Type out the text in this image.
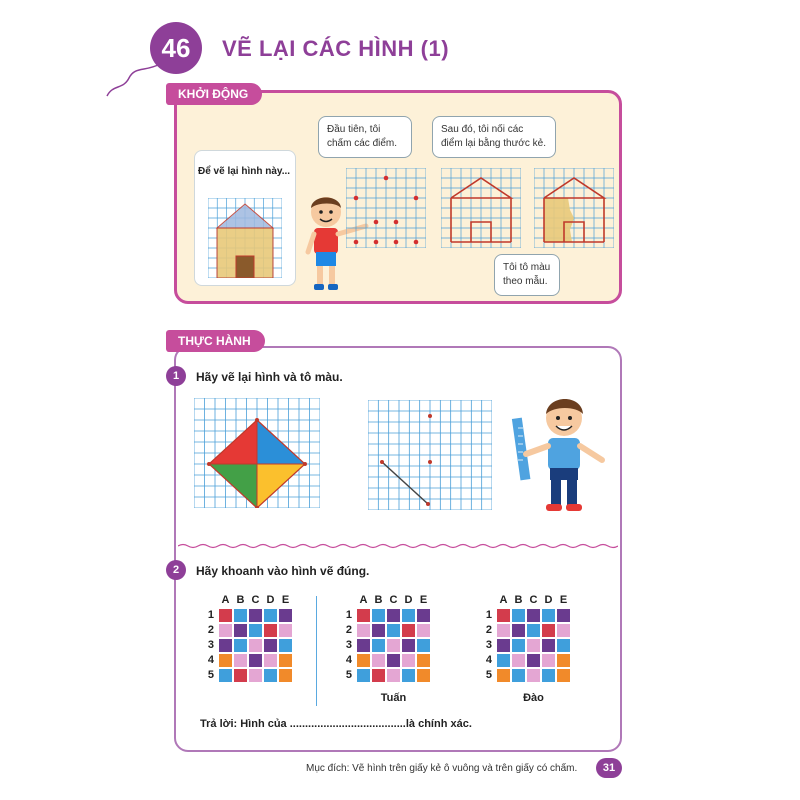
46	VẼ LẠI CÁC HÌNH (1)
KHỞI ĐỘNG
Để vẽ lại hình này...
Đầu tiên, tôi chấm các điểm.
Sau đó, tôi nối các điểm lại bằng thước kẻ.
Tôi tô màu theo mẫu.
THỰC HÀNH
1	Hãy vẽ lại hình và tô màu.
2	Hãy khoanh vào hình vẽ đúng.
A B C D E
1
2
3
4
5
A B C D E
1
2
3
4
5
Tuấn
A B C D E
1
2
3
4
5
Đào
Trả lời: Hình của ......................................là chính xác.
Mục đích: Vẽ hình trên giấy kẻ ô vuông và trên giấy có chấm.	31
